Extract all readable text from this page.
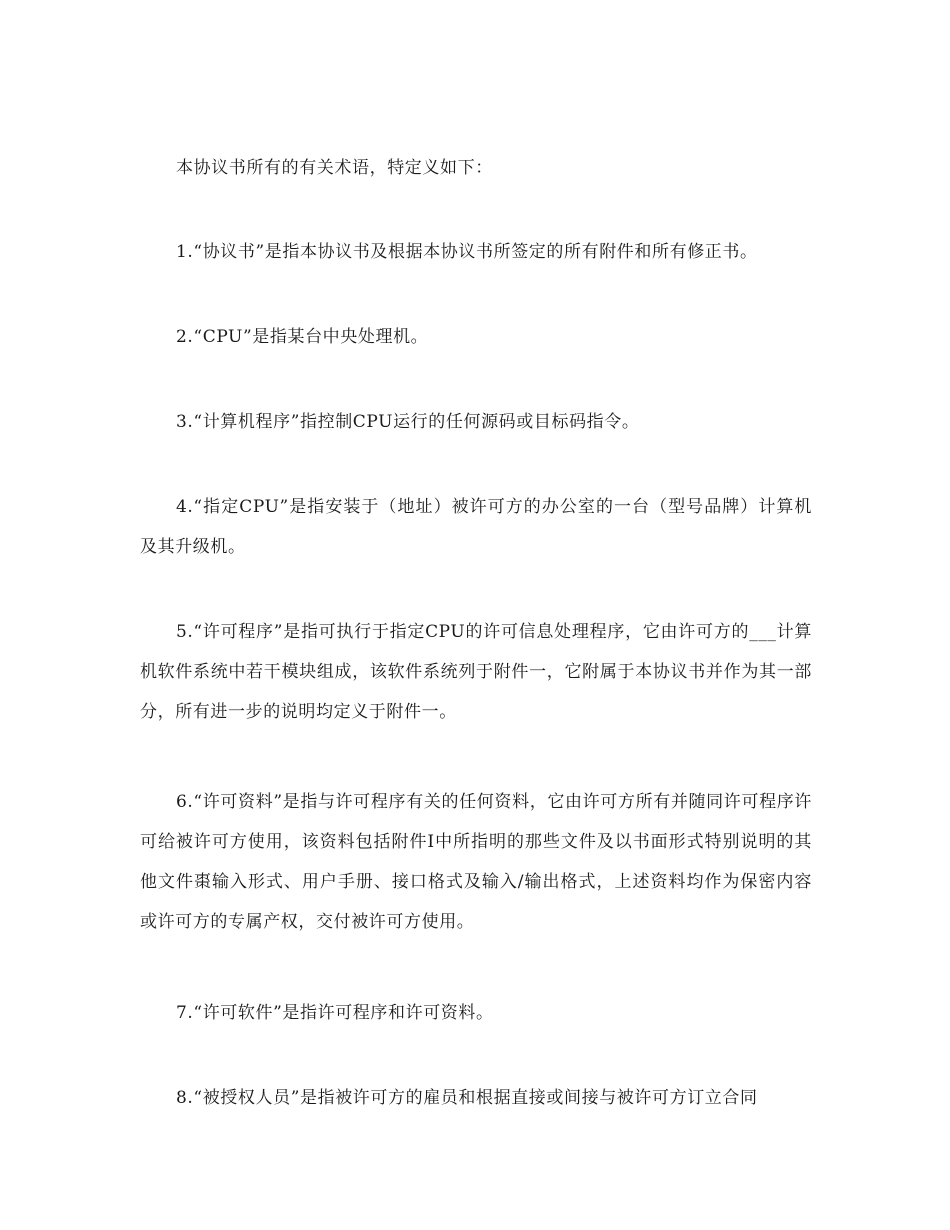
本协议书所有的有关术语，特定义如下：

1.“协议书”是指本协议书及根据本协议书所签定的所有附件和所有修正书。

2.“CPU”是指某台中央处理机。

3.“计算机程序”指控制CPU运行的任何源码或目标码指令。

4.“指定CPU”是指安装于（地址）被许可方的办公室的一台（型号品牌）计算机及其升级机。

5.“许可程序”是指可执行于指定CPU的许可信息处理程序，它由许可方的___计算机软件系统中若干模块组成，该软件系统列于附件一，它附属于本协议书并作为其一部分，所有进一步的说明均定义于附件一。

6.“许可资料”是指与许可程序有关的任何资料，它由许可方所有并随同许可程序许可给被许可方使用，该资料包括附件I中所指明的那些文件及以书面形式特别说明的其他文件棗输入形式、用户手册、接口格式及输入/输出格式，上述资料均作为保密内容或许可方的专属产权，交付被许可方使用。

7.“许可软件”是指许可程序和许可资料。

8.“被授权人员”是指被许可方的雇员和根据直接或间接与被许可方订立合同
